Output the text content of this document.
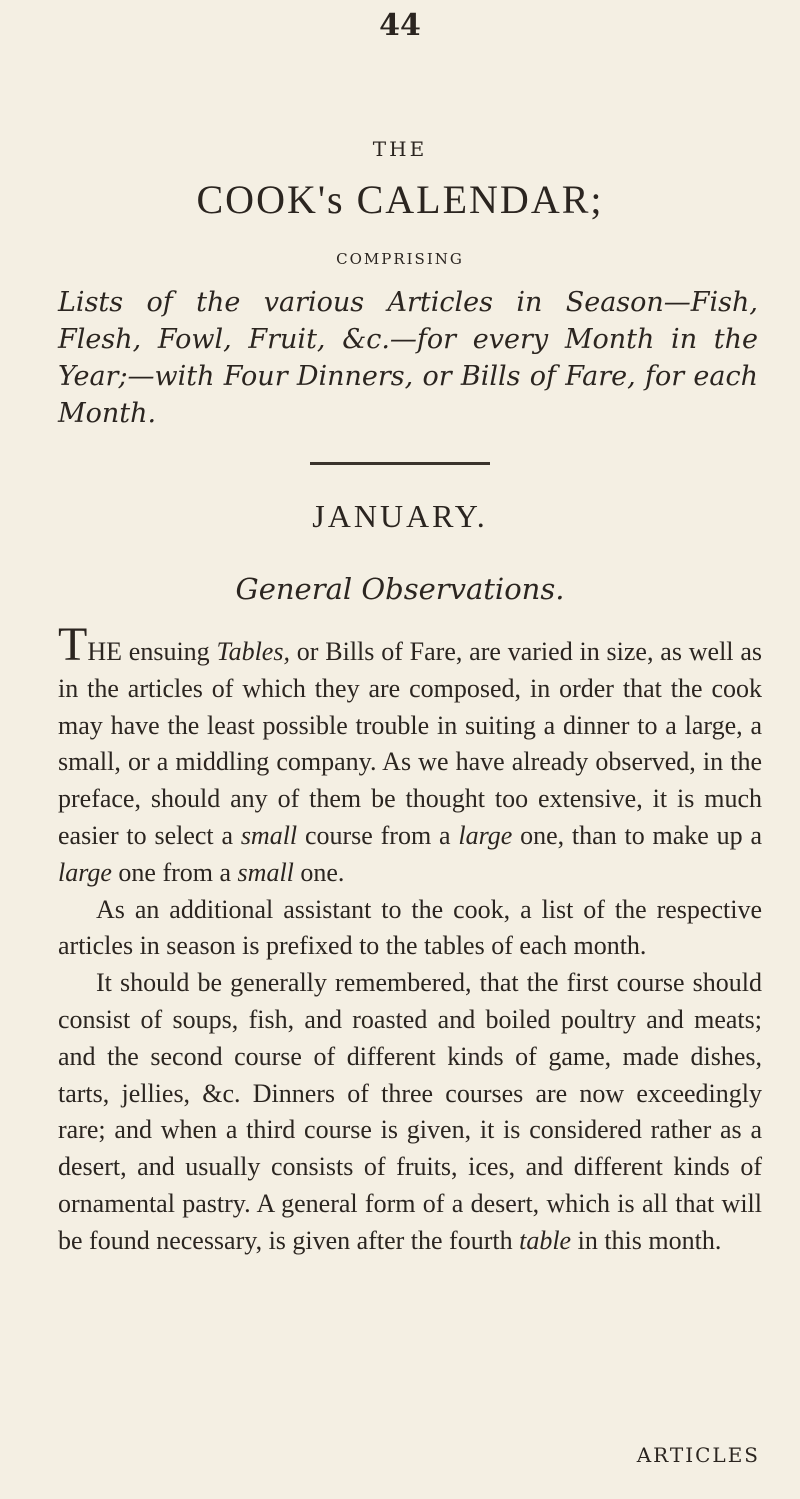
44
THE
COOK's CALENDAR;
COMPRISING
Lists of the various Articles in Season—Fish, Flesh, Fowl, Fruit, &c.—for every Month in the Year;—with Four Dinners, or Bills of Fare, for each Month.
JANUARY.
General Observations.

THE ensuing Tables, or Bills of Fare, are varied in size, as well as in the articles of which they are composed, in order that the cook may have the least possible trouble in suiting a dinner to a large, a small, or a middling company. As we have already observed, in the preface, should any of them be thought too extensive, it is much easier to select a small course from a large one, than to make up a large one from a small one.

As an additional assistant to the cook, a list of the respective articles in season is prefixed to the tables of each month.

It should be generally remembered, that the first course should consist of soups, fish, and roasted and boiled poultry and meats; and the second course of different kinds of game, made dishes, tarts, jellies, &c. Dinners of three courses are now exceedingly rare; and when a third course is given, it is considered rather as a desert, and usually consists of fruits, ices, and different kinds of ornamental pastry. A general form of a desert, which is all that will be found necessary, is given after the fourth table in this month.

ARTICLES
